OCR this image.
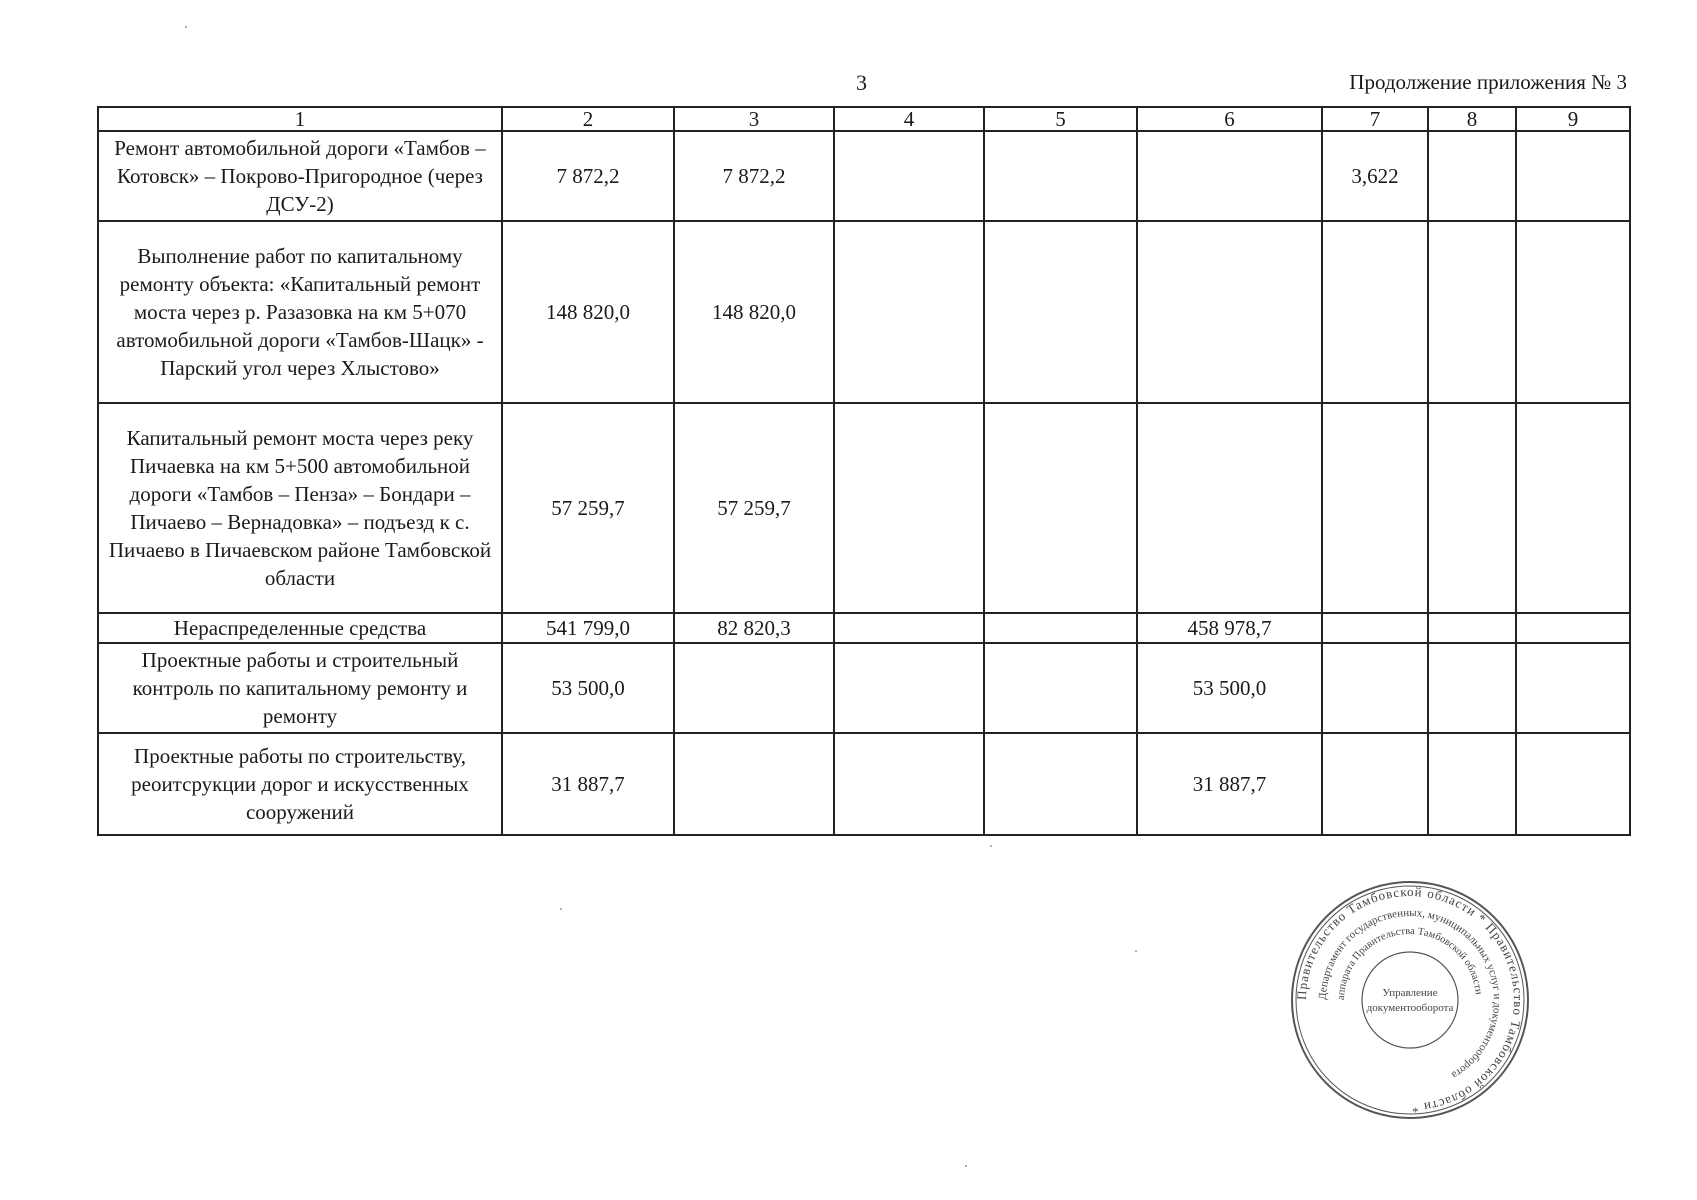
3	Продолжение приложения № 3
1	2	3	4	5	6	7	8	9
Ремонт автомобильной дороги «Тамбов – Котовск» – Покрово-Пригородное (через ДСУ-2)	7 872,2	7 872,2				3,622		
Выполнение работ по капитальному ремонту объекта: «Капитальный ремонт моста через р. Разазовка на км 5+070 автомобильной дороги «Тамбов-Шацк» - Парский угол через Хлыстово»	148 820,0	148 820,0						
Капитальный ремонт моста через реку Пичаевка на км 5+500 автомобильной дороги «Тамбов – Пенза» – Бондари – Пичаево – Вернадовка» – подъезд к с. Пичаево в Пичаевском районе Тамбовской области	57 259,7	57 259,7						
Нераспределенные средства	541 799,0	82 820,3			458 978,7			
Проектные работы и строительный контроль по капитальному ремонту и ремонту	53 500,0				53 500,0			
Проектные работы по строительству, реоитсрукции дорог и искусственных сооружений	31 887,7				31 887,7			
Правительство Тамбовской области * Правительство Тамбовской области *
Департамент государственных, муниципальных услуг и документооборота
аппарата Правительства Тамбовской области
Управление
документооборота
